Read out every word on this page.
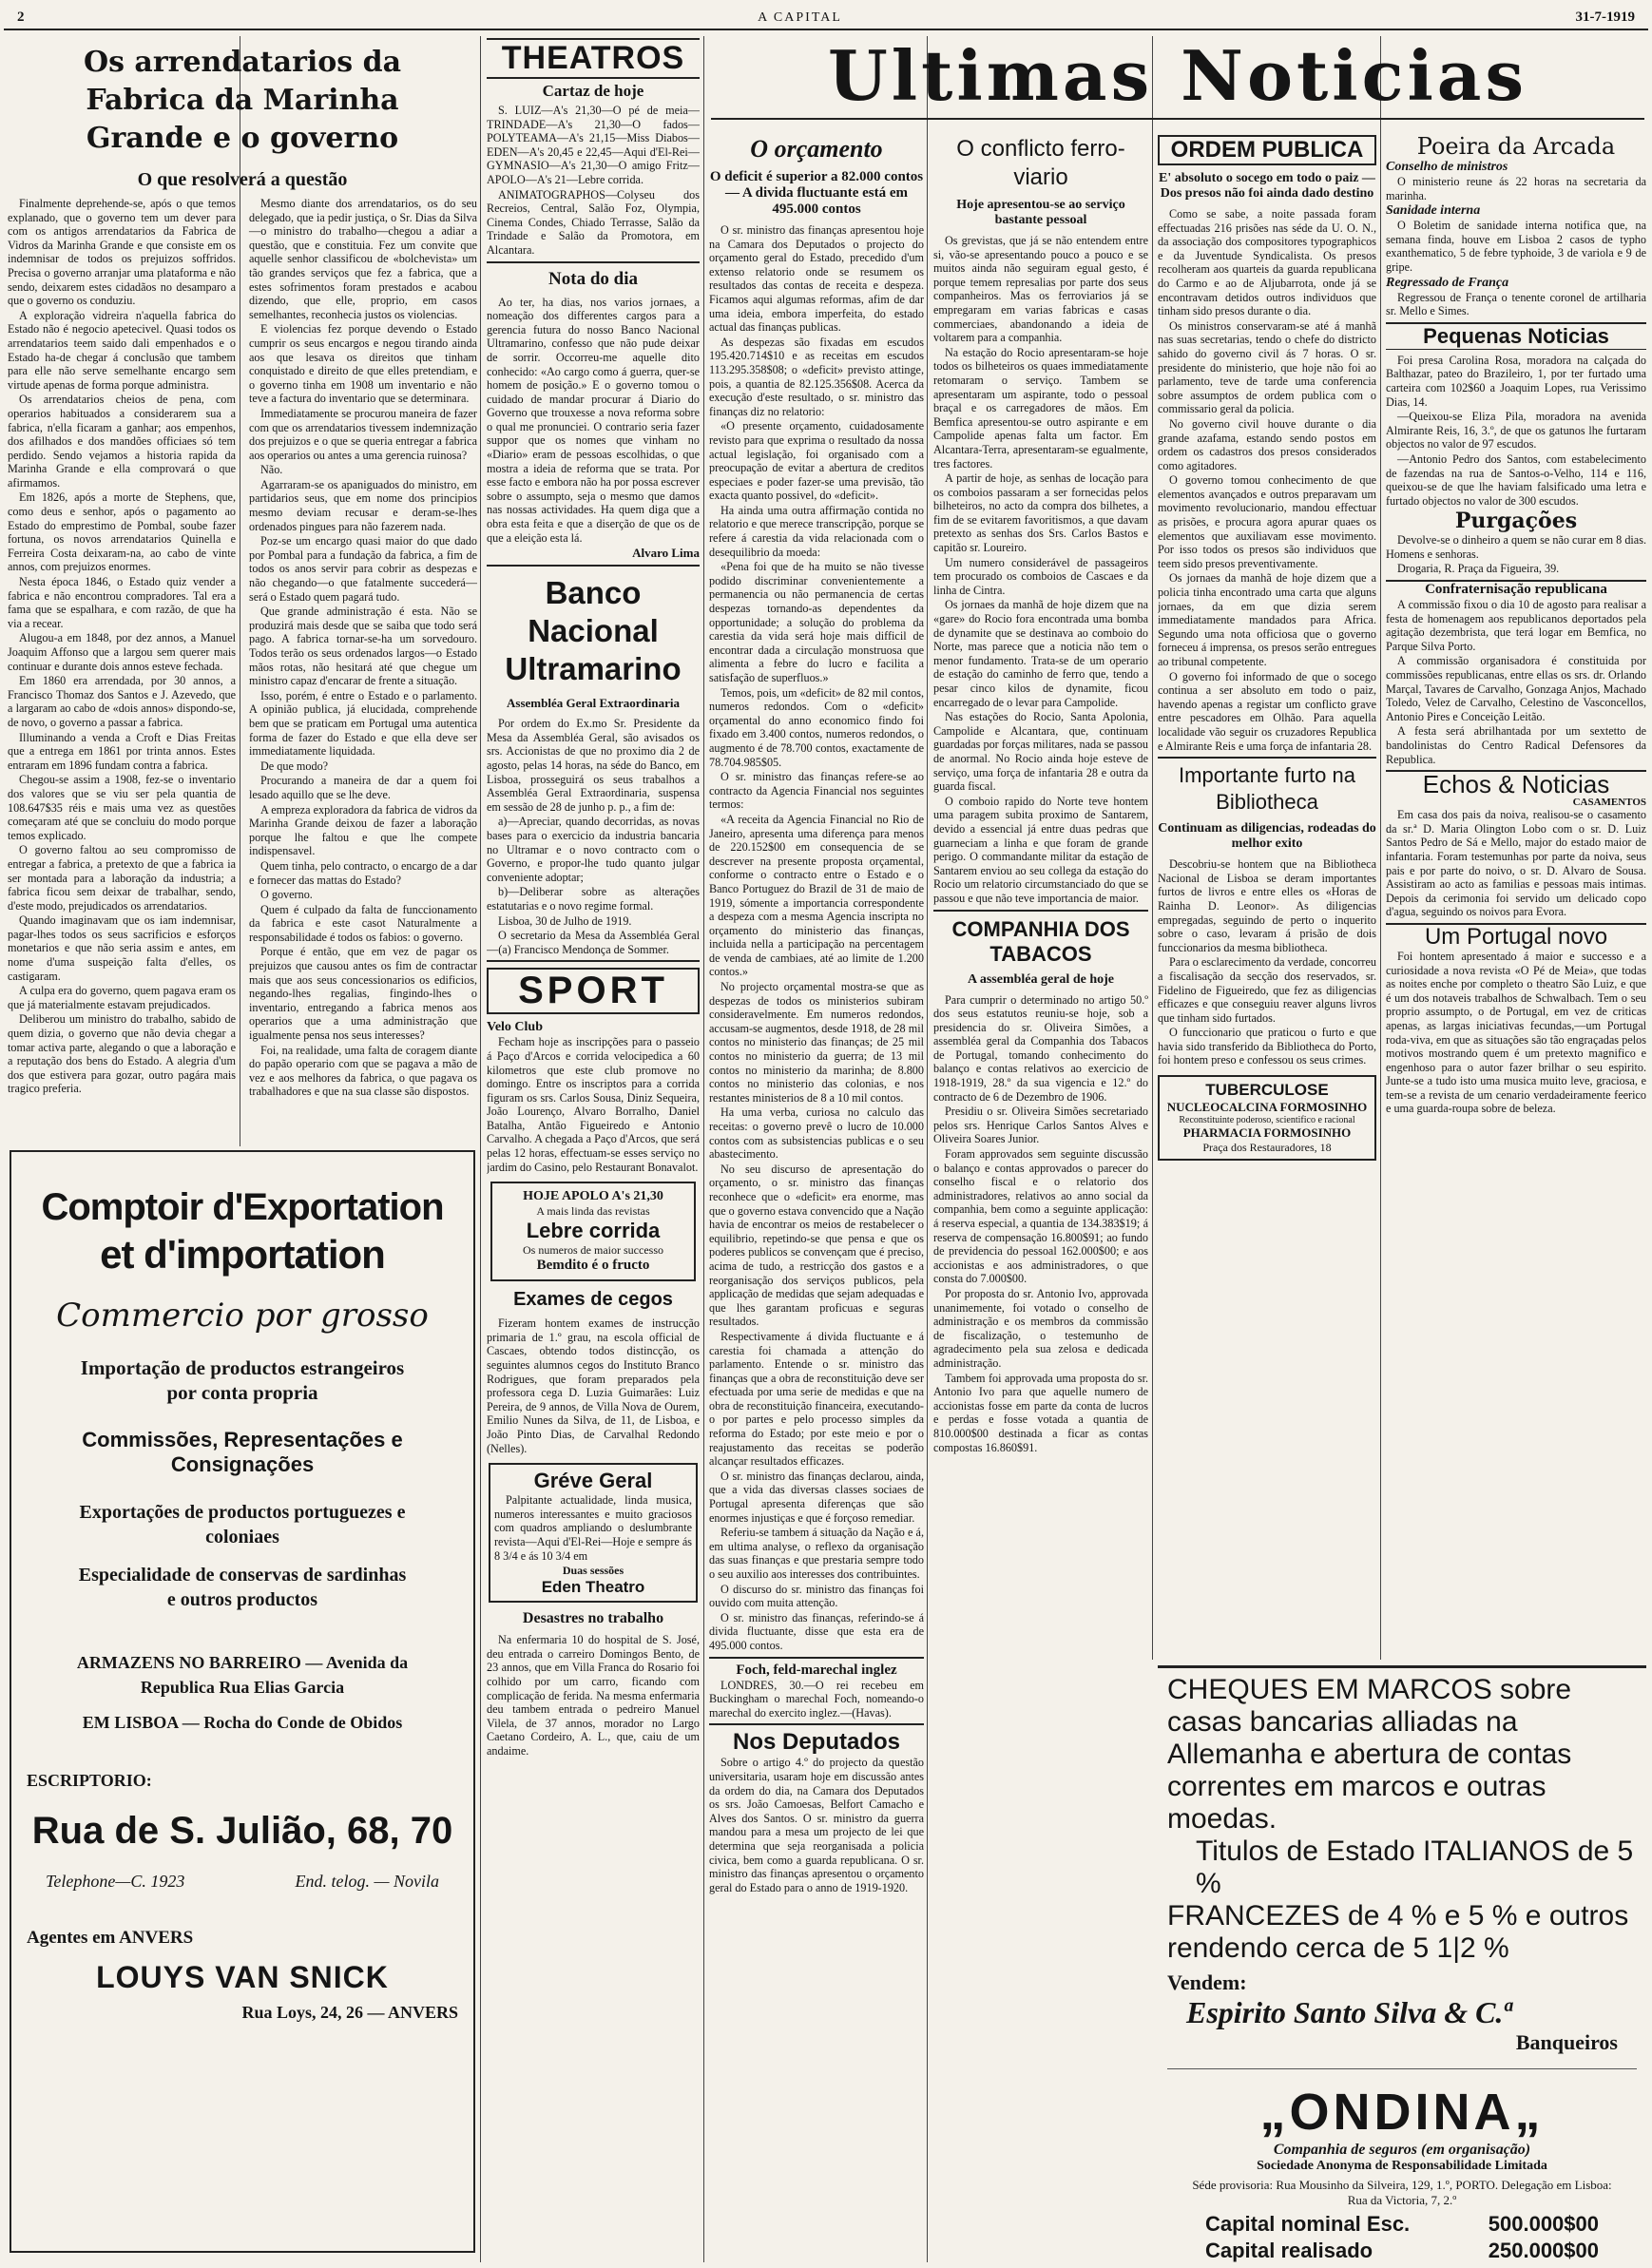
2	A CAPITAL	31-7-1919
Os arrendatarios da Fabrica da Marinha Grande e o governo
O que resolverá a questão

Finalmente deprehende-se, após o que temos explanado, que o governo tem um dever para com os antigos arrendatarios da Fabrica de Vidros da Marinha Grande e que consiste em os indemnisar de todos os prejuizos soffridos. Precisa o governo arranjar uma plataforma e não sendo, deixarem estes cidadãos no desamparo a que o governo os conduziu.

A exploração vidreira n'aquella fabrica do Estado não é negocio apetecivel. Quasi todos os arrendatarios teem saido dali empenhados e o Estado ha-de chegar á conclusão que tambem para elle não serve semelhante encargo sem virtude apenas de forma porque administra.

Os arrendatarios cheios de pena, com operarios habituados a considerarem sua a fabrica, n'ella ficaram a ganhar; aos empenhos, dos afilhados e dos mandões officiaes só tem perdido. Sendo vejamos a historia rapida da Marinha Grande e ella comprovará o que afirmamos.

Em 1826, após a morte de Stephens, que, como deus e senhor, após o pagamento ao Estado do emprestimo de Pombal, soube fazer fortuna, os novos arrendatarios Quinella e Ferreira Costa deixaram-na, ao cabo de vinte annos, com prejuizos enormes.

Nesta época 1846, o Estado quiz vender a fabrica e não encontrou compradores. Tal era a fama que se espalhara, e com razão, de que ha via a recear.

Alugou-a em 1848, por dez annos, a Manuel Joaquim Affonso que a largou sem querer mais continuar e durante dois annos esteve fechada.

Em 1860 era arrendada, por 30 annos, a Francisco Thomaz dos Santos e J. Azevedo, que a largaram ao cabo de «dois annos» dispondo-se, de novo, o governo a passar a fabrica.

Illuminando a venda a Croft e Dias Freitas que a entrega em 1861 por trinta annos. Estes entraram em 1896 fundam contra a fabrica.

Chegou-se assim a 1908, fez-se o inventario dos valores que se viu ser pela quantia de 108.647$35 réis e mais uma vez as questões começaram até que se concluiu do modo porque temos explicado.

O governo faltou ao seu compromisso de entregar a fabrica, a pretexto de que a fabrica ia ser montada para a laboração da industria; a fabrica ficou sem deixar de trabalhar, sendo, d'este modo, prejudicados os arrendatarios.

Quando imaginavam que os iam indemnisar, pagar-lhes todos os seus sacrificios e esforços monetarios e que não seria assim e antes, em nome d'uma suspeição falta d'elles, os castigaram.

A culpa era do governo, quem pagava eram os que já materialmente estavam prejudicados.

Deliberou um ministro do trabalho, sabido de quem dizia, o governo que não devia chegar a tomar activa parte, alegando o que a laboração e a reputação dos bens do Estado. A alegria d'um dos que estivera para gozar, outro pagára mais tragico preferia.

Mesmo diante dos arrendatarios, os do seu delegado, que ia pedir justiça, o Sr. Dias da Silva—o ministro do trabalho—chegou a adiar a questão, que e constituia. Fez um convite que aquelle senhor classificou de «bolchevista» um tão grandes serviços que fez a fabrica, que a estes sofrimentos foram prestados e acabou dizendo, que elle, proprio, em casos semelhantes, reconhecia justos os violencias.

E violencias fez porque devendo o Estado cumprir os seus encargos e negou tirando ainda aos que lesava os direitos que tinham conquistado e direito de que elles pretendiam, e o governo tinha em 1908 um inventario e não teve a factura do inventario que se determinara.

Immediatamente se procurou maneira de fazer com que os arrendatarios tivessem indemnização dos prejuizos e o que se queria entregar a fabrica aos operarios ou antes a uma gerencia ruinosa?

Não.

Agarraram-se os apaniguados do ministro, em partidarios seus, que em nome dos principios mesmo deviam recusar e deram-se-lhes ordenados pingues para não fazerem nada.

Poz-se um encargo quasi maior do que dado por Pombal para a fundação da fabrica, a fim de todos os anos servir para cobrir as despezas e não chegando—o que fatalmente succederá—será o Estado quem pagará tudo.

Que grande administração é esta. Não se produzirá mais desde que se saiba que todo será pago. A fabrica tornar-se-ha um sorvedouro. Todos terão os seus ordenados largos—o Estado mãos rotas, não hesitará até que chegue um ministro capaz d'encarar de frente a situação.

Isso, porém, é entre o Estado e o parlamento. A opinião publica, já elucidada, comprehende bem que se praticam em Portugal uma autentica forma de fazer do Estado e que ella deve ser immediatamente liquidada.

De que modo?

Procurando a maneira de dar a quem foi lesado aquillo que se lhe deve.

A empreza exploradora da fabrica de vidros da Marinha Grande deixou de fazer a laboração porque lhe faltou e que lhe compete indispensavel.

Quem tinha, pelo contracto, o encargo de a dar e fornecer das mattas do Estado?

O governo.

Quem é culpado da falta de funccionamento da fabrica e este casot Naturalmente a responsabilidade é todos os fabios: o governo.

Porque é então, que em vez de pagar os prejuizos que causou antes os fim de contractar mais que aos seus concessionarios os edificios, negando-lhes regalias, fingindo-lhes o inventario, entregando a fabrica menos aos operarios que a uma administração que igualmente pensa nos seus interesses?

Foi, na realidade, uma falta de coragem diante do papão operario com que se pagava a mão de vez e aos melhores da fabrica, o que pagava os trabalhadores e que na sua classe são dispostos.

Comptoir d'Exportation
et d'importation
Commercio por grosso
Importação de productos estrangeiros por conta propria
Commissões, Representações e Consignações
Exportações de productos portuguezes e coloniaes
Especialidade de conservas de sardinhas e outros productos
ARMAZENS NO BARREIRO — Avenida da Republica Rua Elias Garcia
EM LISBOA — Rocha do Conde de Obidos
ESCRIPTORIO:
Rua de S. Julião, 68, 70
Telephone—C. 1923	End. telog. — Novila
Agentes em ANVERS
LOUYS VAN SNICK
Rua Loys, 24, 26 — ANVERS
THEATROS
Cartaz de hoje

S. LUIZ—A's 21,30—O pé de meia—TRINDADE—A's 21,30—O fados—POLYTEAMA—A's 21,15—Miss Diabos—EDEN—A's 20,45 e 22,45—Aqui d'El-Rei—GYMNASIO—A's 21,30—O amigo Fritz—APOLO—A's 21—Lebre corrida.

ANIMATOGRAPHOS—Colyseu dos Recreios, Central, Salão Foz, Olympia, Cinema Condes, Chiado Terrasse, Salão da Trindade e Salão da Promotora, em Alcantara.

Nota do dia

Ao ter, ha dias, nos varios jornaes, a nomeação dos differentes cargos para a gerencia futura do nosso Banco Nacional Ultramarino, confesso que não pude deixar de sorrir. Occorreu-me aquelle dito conhecido: «Ao cargo como á guerra, quer-se homem de posição.» E o governo tomou o cuidado de mandar procurar á Diario do Governo que trouxesse a nova reforma sobre o qual me pronunciei. O contrario seria fazer suppor que os nomes que vinham no «Diario» eram de pessoas escolhidas, o que mostra a ideia de reforma que se trata. Por esse facto e embora não ha por possa escrever sobre o assumpto, seja o mesmo que damos nas nossas actividades. Ha quem diga que a obra esta feita e que a diserção de que os de que a eleição esta lá.

Alvaro Lima
Banco Nacional Ultramarino
Assembléa Geral Extraordinaria

Por ordem do Ex.mo Sr. Presidente da Mesa da Assembléa Geral, são avisados os srs. Accionistas de que no proximo dia 2 de agosto, pelas 14 horas, na séde do Banco, em Lisboa, prosseguirá os seus trabalhos a Assembléa Geral Extraordinaria, suspensa em sessão de 28 de junho p. p., a fim de:

a)—Apreciar, quando decorridas, as novas bases para o exercicio da industria bancaria no Ultramar e o novo contracto com o Governo, e propor-lhe tudo quanto julgar conveniente adoptar;

b)—Deliberar sobre as alterações estatutarias e o novo regime formal.

Lisboa, 30 de Julho de 1919.

O secretario da Mesa da Assembléa Geral—(a) Francisco Mendonça de Sommer.

SPORT
Velo Club

Fecham hoje as inscripções para o passeio á Paço d'Arcos e corrida velocipedica a 60 kilometros que este club promove no domingo. Entre os inscriptos para a corrida figuram os srs. Carlos Sousa, Diniz Sequeira, João Lourenço, Alvaro Borralho, Daniel Batalha, Antão Figueiredo e Antonio Carvalho. A chegada a Paço d'Arcos, que será pelas 12 horas, effectuam-se esses serviço no jardim do Casino, pelo Restaurant Bonavalot.

HOJE APOLO A's 21,30
A mais linda das revistas
Lebre corrida
Os numeros de maior successo
Bemdito é o fructo
Exames de cegos

Fizeram hontem exames de instrucção primaria de 1.º grau, na escola official de Cascaes, obtendo todos distincção, os seguintes alumnos cegos do Instituto Branco Rodrigues, que foram preparados pela professora cega D. Luzia Guimarães: Luiz Pereira, de 9 annos, de Villa Nova de Ourem, Emilio Nunes da Silva, de 11, de Lisboa, e João Pinto Dias, de Carvalhal Redondo (Nelles).

Gréve Geral

Palpitante actualidade, linda musica, numeros interessantes e muito graciosos com quadros ampliando o deslumbrante revista—Aqui d'El-Rei—Hoje e sempre ás 8 3/4 e ás 10 3/4 em

Duas sessões
Eden Theatro
Desastres no trabalho

Na enfermaria 10 do hospital de S. José, deu entrada o carreiro Domingos Bento, de 23 annos, que em Villa Franca do Rosario foi colhido por um carro, ficando com complicação de ferida. Na mesma enfermaria deu tambem entrada o pedreiro Manuel Vilela, de 37 annos, morador no Largo Caetano Cordeiro, A. L., que, caiu de um andaime.

Ultimas Noticias
O orçamento
O deficit é superior a 82.000 contos — A divida fluctuante está em 495.000 contos

O sr. ministro das finanças apresentou hoje na Camara dos Deputados o projecto do orçamento geral do Estado, precedido d'um extenso relatorio onde se resumem os resultados das contas de receita e despeza. Ficamos aqui algumas reformas, afim de dar uma ideia, embora imperfeita, do estado actual das finanças publicas.

As despezas são fixadas em escudos 195.420.714$10 e as receitas em escudos 113.295.358$08; o «deficit» previsto attinge, pois, a quantia de 82.125.356$08. Acerca da execução d'este resultado, o sr. ministro das finanças diz no relatorio:

«O presente orçamento, cuidadosamente revisto para que exprima o resultado da nossa actual legislação, foi organisado com a preocupação de evitar a abertura de creditos especiaes e poder fazer-se uma previsão, tão exacta quanto possivel, do «deficit».

Ha ainda uma outra affirmação contida no relatorio e que merece transcripção, porque se refere á carestia da vida relacionada com o desequilibrio da moeda:

«Pena foi que de ha muito se não tivesse podido discriminar convenientemente a permanencia ou não permanencia de certas despezas tornando-as dependentes da opportunidade; a solução do problema da carestia da vida será hoje mais difficil de encontrar dada a circulação monstruosa que alimenta a febre do lucro e facilita a satisfação de superfluos.»

Temos, pois, um «deficit» de 82 mil contos, numeros redondos. Com o «deficit» orçamental do anno economico findo foi fixado em 3.400 contos, numeros redondos, o augmento é de 78.700 contos, exactamente de 78.704.985$05.

O sr. ministro das finanças refere-se ao contracto da Agencia Financial nos seguintes termos:

«A receita da Agencia Financial no Rio de Janeiro, apresenta uma diferença para menos de 220.152$00 em consequencia de se descrever na presente proposta orçamental, conforme o contracto entre o Estado e o Banco Portuguez do Brazil de 31 de maio de 1919, sómente a importancia correspondente a despeza com a mesma Agencia inscripta no orçamento do ministerio das finanças, incluida nella a participação na percentagem de venda de cambiaes, até ao limite de 1.200 contos.»

No projecto orçamental mostra-se que as despezas de todos os ministerios subiram consideravelmente. Em numeros redondos, accusam-se augmentos, desde 1918, de 28 mil contos no ministerio das finanças; de 25 mil contos no ministerio da guerra; de 13 mil contos no ministerio da marinha; de 8.800 contos no ministerio das colonias, e nos restantes ministerios de 8 a 10 mil contos.

Ha uma verba, curiosa no calculo das receitas: o governo prevê o lucro de 10.000 contos com as subsistencias publicas e o seu abastecimento.

No seu discurso de apresentação do orçamento, o sr. ministro das finanças reconhece que o «deficit» era enorme, mas que o governo estava convencido que a Nação havia de encontrar os meios de restabelecer o equilibrio, repetindo-se que pensa e que os poderes publicos se convençam que é preciso, acima de tudo, a restricção dos gastos e a reorganisação dos serviços publicos, pela applicação de medidas que sejam adequadas e que lhes garantam proficuas e seguras resultados.

Respectivamente á divida fluctuante e á carestia foi chamada a attenção do parlamento. Entende o sr. ministro das finanças que a obra de reconstituição deve ser efectuada por uma serie de medidas e que na obra de reconstituição financeira, executando-o por partes e pelo processo simples da reforma do Estado; por este meio e por o reajustamento das receitas se poderão alcançar resultados efficazes.

O sr. ministro das finanças declarou, ainda, que a vida das diversas classes sociaes de Portugal apresenta diferenças que são enormes injustiças e que é forçoso remediar.

Referiu-se tambem á situação da Nação e á, em ultima analyse, o reflexo da organisação das suas finanças e que prestaria sempre todo o seu auxilio aos interesses dos contribuintes.

O discurso do sr. ministro das finanças foi ouvido com muita attenção.

O sr. ministro das finanças, referindo-se á divida fluctuante, disse que esta era de 495.000 contos.

Foch, feld-marechal inglez

LONDRES, 30.—O rei recebeu em Buckingham o marechal Foch, nomeando-o marechal do exercito inglez.—(Havas).

Nos Deputados

Sobre o artigo 4.º do projecto da questão universitaria, usaram hoje em discussão antes da ordem do dia, na Camara dos Deputados os srs. João Camoesas, Belfort Camacho e Alves dos Santos. O sr. ministro da guerra mandou para a mesa um projecto de lei que determina que seja reorganisada a policia civica, bem como a guarda republicana. O sr. ministro das finanças apresentou o orçamento geral do Estado para o anno de 1919-1920.

O conflicto ferro-viario
Hoje apresentou-se ao serviço bastante pessoal

Os grevistas, que já se não entendem entre si, vão-se apresentando pouco a pouco e se muitos ainda não seguiram egual gesto, é porque temem represalias por parte dos seus companheiros. Mas os ferroviarios já se empregaram em varias fabricas e casas commerciaes, abandonando a ideia de voltarem para a companhia.

Na estação do Rocio apresentaram-se hoje todos os bilheteiros os quaes immediatamente retomaram o serviço. Tambem se apresentaram um aspirante, todo o pessoal braçal e os carregadores de mãos. Em Bemfica apresentou-se outro aspirante e em Campolide apenas falta um factor. Em Alcantara-Terra, apresentaram-se egualmente, tres factores.

A partir de hoje, as senhas de locação para os comboios passaram a ser fornecidas pelos bilheteiros, no acto da compra dos bilhetes, a fim de se evitarem favoritismos, a que davam pretexto as senhas dos Srs. Carlos Bastos e capitão sr. Loureiro.

Um numero considerável de passageiros tem procurado os comboios de Cascaes e da linha de Cintra.

Os jornaes da manhã de hoje dizem que na «gare» do Rocio fora encontrada uma bomba de dynamite que se destinava ao comboio do Norte, mas parece que a noticia não tem o menor fundamento. Trata-se de um operario de estação do caminho de ferro que, tendo a pesar cinco kilos de dynamite, ficou encarregado de o levar para Campolide.

Nas estações do Rocio, Santa Apolonia, Campolide e Alcantara, que, continuam guardadas por forças militares, nada se passou de anormal. No Rocio ainda hoje esteve de serviço, uma força de infantaria 28 e outra da guarda fiscal.

O comboio rapido do Norte teve hontem uma paragem subita proximo de Santarem, devido a essencial já entre duas pedras que guarneciam a linha e que foram de grande perigo. O commandante militar da estação de Santarem enviou ao seu collega da estação do Rocio um relatorio circumstanciado do que se passou e que não teve importancia de maior.

COMPANHIA DOS TABACOS
A assembléa geral de hoje

Para cumprir o determinado no artigo 50.º dos seus estatutos reuniu-se hoje, sob a presidencia do sr. Oliveira Simões, a assembléa geral da Companhia dos Tabacos de Portugal, tomando conhecimento do balanço e contas relativos ao exercicio de 1918-1919, 28.º da sua vigencia e 12.º do contracto de 6 de Dezembro de 1906.

Presidiu o sr. Oliveira Simões secretariado pelos srs. Henrique Carlos Santos Alves e Oliveira Soares Junior.

Foram approvados sem seguinte discussão o balanço e contas approvados o parecer do conselho fiscal e o relatorio dos administradores, relativos ao anno social da companhia, bem como a seguinte applicação: á reserva especial, a quantia de 134.383$19; á reserva de compensação 16.800$91; ao fundo de previdencia do pessoal 162.000$00; e aos accionistas e aos administradores, o que consta do 7.000$00.

Por proposta do sr. Antonio Ivo, approvada unanimemente, foi votado o conselho de administração e os membros da commissão de fiscalização, o testemunho de agradecimento pela sua zelosa e dedicada administração.

Tambem foi approvada uma proposta do sr. Antonio Ivo para que aquelle numero de accionistas fosse em parte da conta de lucros e perdas e fosse votada a quantia de 810.000$00 destinada a ficar as contas compostas 16.860$91.

ORDEM PUBLICA
E' absoluto o socego em todo o paiz — Dos presos não foi ainda dado destino

Como se sabe, a noite passada foram effectuadas 216 prisões nas séde da U. O. N., da associação dos compositores typographicos e da Juventude Syndicalista. Os presos recolheram aos quarteis da guarda republicana do Carmo e ao de Aljubarrota, onde já se encontravam detidos outros individuos que tinham sido presos durante o dia.

Os ministros conservaram-se até á manhã nas suas secretarias, tendo o chefe do districto sahido do governo civil ás 7 horas. O sr. presidente do ministerio, que hoje não foi ao parlamento, teve de tarde uma conferencia sobre assumptos de ordem publica com o commissario geral da policia.

No governo civil houve durante o dia grande azafama, estando sendo postos em ordem os cadastros dos presos considerados como agitadores.

O governo tomou conhecimento de que elementos avançados e outros preparavam um movimento revolucionario, mandou effectuar as prisões, e procura agora apurar quaes os elementos que auxiliavam esse movimento. Por isso todos os presos são individuos que teem sido presos preventivamente.

Os jornaes da manhã de hoje dizem que a policia tinha encontrado uma carta que alguns jornaes, da em que dizia serem immediatamente mandados para Africa. Segundo uma nota officiosa que o governo forneceu á imprensa, os presos serão entregues ao tribunal competente.

O governo foi informado de que o socego continua a ser absoluto em todo o paiz, havendo apenas a registar um conflicto grave entre pescadores em Olhão. Para aquella localidade vão seguir os cruzadores Republica e Almirante Reis e uma força de infantaria 28.

Importante furto na Bibliotheca
Continuam as diligencias, rodeadas do melhor exito

Descobriu-se hontem que na Bibliotheca Nacional de Lisboa se deram importantes furtos de livros e entre elles os «Horas de Rainha D. Leonor». As diligencias empregadas, seguindo de perto o inquerito sobre o caso, levaram á prisão de dois funccionarios da mesma bibliotheca.

Para o esclarecimento da verdade, concorreu a fiscalisação da secção dos reservados, sr. Fidelino de Figueiredo, que fez as diligencias efficazes e que conseguiu reaver alguns livros que tinham sido furtados.

O funccionario que praticou o furto e que havia sido transferido da Bibliotheca do Porto, foi hontem preso e confessou os seus crimes.

TUBERCULOSE
NUCLEOCALCINA FORMOSINHO
Reconstituinte poderoso, scientifico e racional
PHARMACIA FORMOSINHO
Praça dos Restauradores, 18
Poeira da Arcada
Conselho de ministros

O ministerio reune ás 22 horas na secretaria da marinha.

Sanidade interna

O Boletim de sanidade interna notifica que, na semana finda, houve em Lisboa 2 casos de typho exanthematico, 5 de febre typhoide, 3 de variola e 9 de gripe.

Regressado de França

Regressou de França o tenente coronel de artilharia sr. Mello e Simes.

Pequenas Noticias

Foi presa Carolina Rosa, moradora na calçada do Balthazar, pateo do Brazileiro, 1, por ter furtado uma carteira com 102$60 a Joaquim Lopes, rua Verissimo Dias, 14.

—Queixou-se Eliza Pila, moradora na avenida Almirante Reis, 16, 3.º, de que os gatunos lhe furtaram objectos no valor de 97 escudos.

—Antonio Pedro dos Santos, com estabelecimento de fazendas na rua de Santos-o-Velho, 114 e 116, queixou-se de que lhe haviam falsificado uma letra e furtado objectos no valor de 300 escudos.

Purgações

Devolve-se o dinheiro a quem se não curar em 8 dias. Homens e senhoras.

Drogaria, R. Praça da Figueira, 39.

Confraternisação republicana

A commissão fixou o dia 10 de agosto para realisar a festa de homenagem aos republicanos deportados pela agitação dezembrista, que terá logar em Bemfica, no Parque Silva Porto.

A commissão organisadora é constituida por commissões republicanas, entre ellas os srs. dr. Orlando Marçal, Tavares de Carvalho, Gonzaga Anjos, Machado Toledo, Velez de Carvalho, Celestino de Vasconcellos, Antonio Pires e Conceição Leitão.

A festa será abrilhantada por um sextetto de bandolinistas do Centro Radical Defensores da Republica.

Echos & Noticias
CASAMENTOS

Em casa dos pais da noiva, realisou-se o casamento da sr.ª D. Maria Olington Lobo com o sr. D. Luiz Santos Pedro de Sá e Mello, major do estado maior de infantaria. Foram testemunhas por parte da noiva, seus pais e por parte do noivo, o sr. D. Alvaro de Sousa. Assistiram ao acto as familias e pessoas mais intimas. Depois da cerimonia foi servido um delicado copo d'agua, seguindo os noivos para Evora.

Um Portugal novo

Foi hontem apresentado á maior e successo e a curiosidade a nova revista «O Pé de Meia», que todas as noites enche por completo o theatro São Luiz, e que é um dos notaveis trabalhos de Schwalbach. Tem o seu proprio assumpto, o de Portugal, em vez de criticas apenas, as largas iniciativas fecundas,—um Portugal roda-viva, em que as situações são tão engraçadas pelos motivos mostrando quem é um pretexto magnifico e engenhoso para o autor fazer brilhar o seu espirito. Junte-se a tudo isto uma musica muito leve, graciosa, e tem-se a revista de um cenario verdadeiramente feerico e uma guarda-roupa sobre de beleza.

CHEQUES EM MARCOS sobre casas bancarias alliadas na Allemanha e abertura de contas correntes em marcos e outras moedas.
Titulos de Estado ITALIANOS de 5 %
FRANCEZES de 4 % e 5 % e outros rendendo cerca de 5 1|2 %
Vendem:
Espirito Santo Silva & C.ª
Banqueiros
„ONDINA„
Companhia de seguros (em organisação)
Sociedade Anonyma de Responsabilidade Limitada
Séde provisoria: Rua Mousinho da Silveira, 129, 1.º, PORTO. Delegação em Lisboa: Rua da Victoria, 7, 2.º
Capital nominal Esc.	500.000$00
Capital realisado	250.000$00
